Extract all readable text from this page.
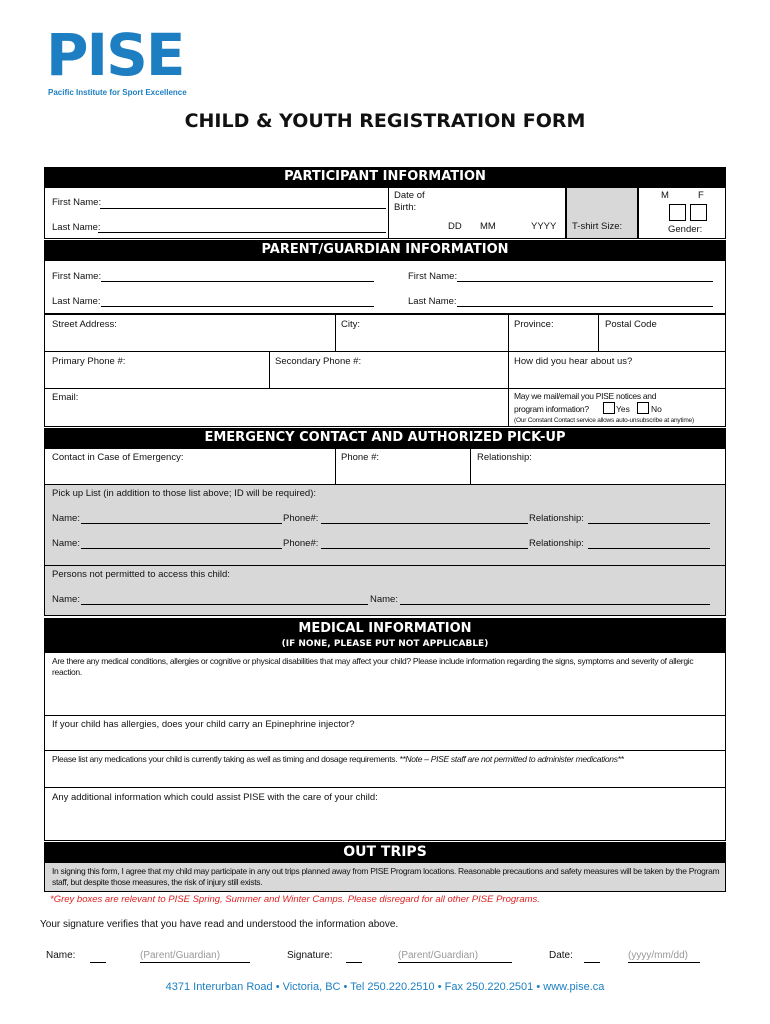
PISE
Pacific Institute for Sport Excellence
CHILD & YOUTH REGISTRATION FORM
PARTICIPANT INFORMATION
First Name:
Last Name:
Date of Birth:
DD MM	YYYY T-shirt Size:
M	F
Gender:
PARENT/GUARDIAN INFORMATION
First Name:	First Name:
Last Name:	Last Name:
Street Address:	City:	Province:	Postal Code
Primary Phone #:	Secondary Phone #:	How did you hear about us?
Email:	May we mail/email you PISE notices and
program information?	Yes No
(Our Constant Contact service allows auto-unsubscribe at anytime)
EMERGENCY CONTACT AND AUTHORIZED PICK-UP
Contact in Case of Emergency:	Phone #:	Relationship:
Pick up List (in addition to those list above; ID will be required):
Name:	Phone#:	Relationship:
Name:	Phone#:	Relationship:
Persons not permitted to access this child:
Name:	Name:
MEDICAL INFORMATION
(IF NONE, PLEASE PUT NOT APPLICABLE)
Are there any medical conditions, allergies or cognitive or physical disabilities that may affect your child? Please include information regarding the signs, symptoms and severity of allergic reaction.
If your child has allergies, does your child carry an Epinephrine injector?
Please list any medications your child is currently taking as well as timing and dosage requirements. **Note – PISE staff are not permitted to administer medications**
Any additional information which could assist PISE with the care of your child:
OUT TRIPS
In signing this form, I agree that my child may participate in any out trips planned away from PISE Program locations. Reasonable precautions and safety measures will be taken by the Program staff, but despite those measures, the risk of injury still exists.
*Grey boxes are relevant to PISE Spring, Summer and Winter Camps. Please disregard for all other PISE Programs.
Your signature verifies that you have read and understood the information above.
Name:	(Parent/Guardian)	Signature:	(Parent/Guardian)	Date:	(yyyy/mm/dd)
4371 Interurban Road • Victoria, BC • Tel 250.220.2510 • Fax 250.220.2501 • www.pise.ca
